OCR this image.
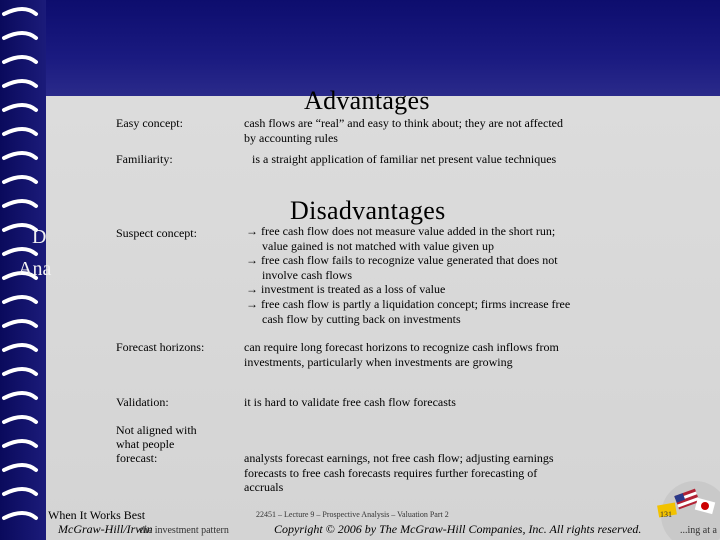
D
Ana
Advantages
Easy concept:	cash flows are “real” and easy to think about; they are not affected by accounting rules
Familiarity:	is a straight application of familiar net present value techniques
Disadvantages
Suspect concept:	→ free cash flow does not measure value added in the short run; value gained is not matched with value given up
→ free cash flow fails to recognize value generated that does not involve cash flows
→ investment is treated as a loss of value
→ free cash flow is partly a liquidation concept; firms increase free cash flow by cutting back on investments
Forecast horizons:	can require long forecast horizons to recognize cash inflows from investments, particularly when investments are growing
Validation:	it is hard to validate free cash flow forecasts
Not aligned with what people forecast:	analysts forecast earnings, not free cash flow; adjusting earnings forecasts to free cash forecasts requires further forecasting of accruals
22451 – Lecture 9 – Prospective Analysis – Valuation Part 2	131
When It Works Best
McGraw-Hill/Irwin
the investment pattern	Copyright © 2006 by The McGraw-Hill Companies, Inc. All rights reserved.	...ing at a
